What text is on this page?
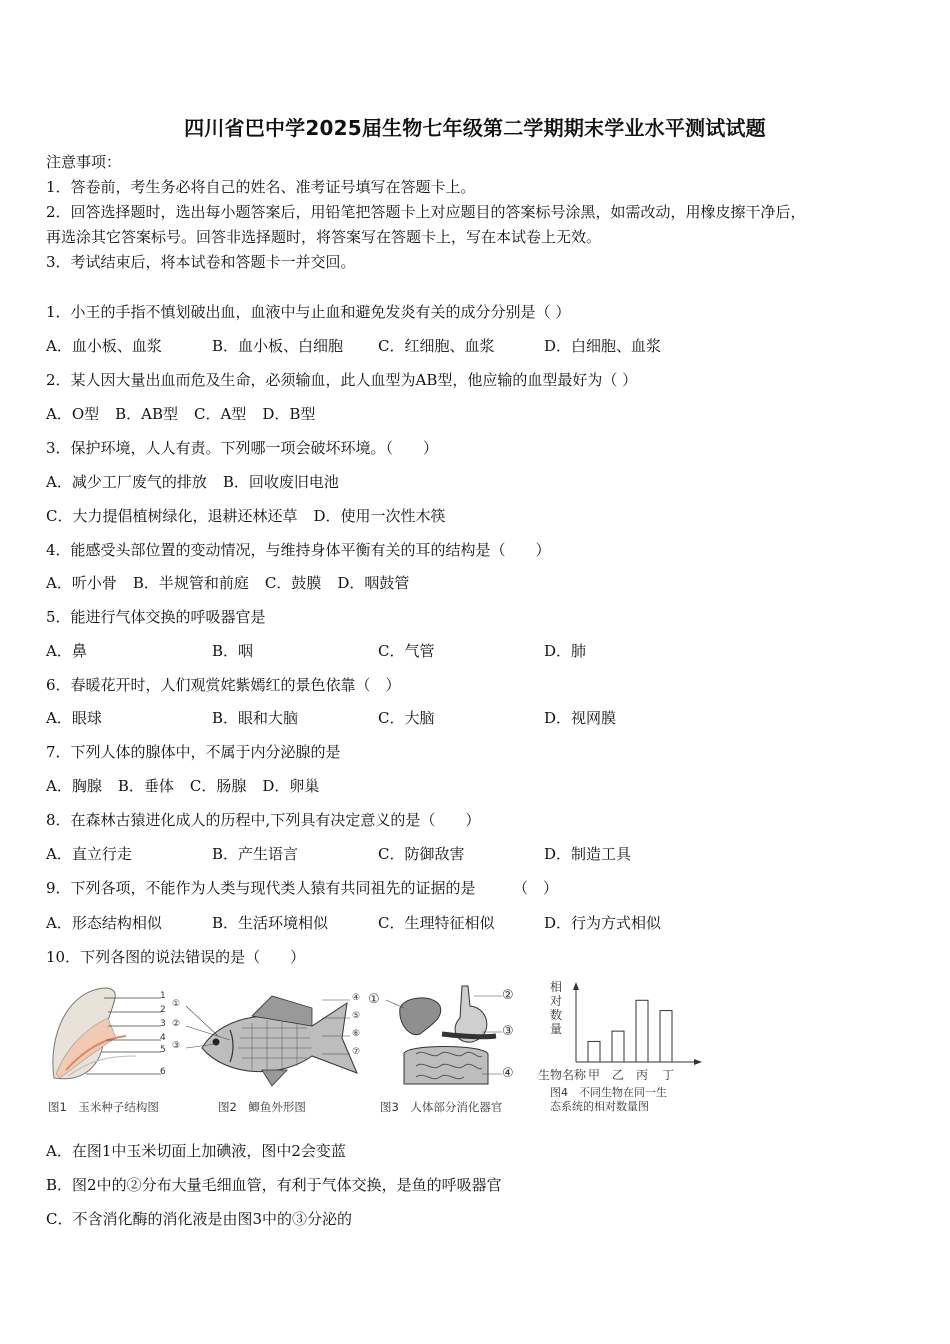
四川省巴中学2025届生物七年级第二学期期末学业水平测试试题
注意事项：
1．答卷前，考生务必将自己的姓名、准考证号填写在答题卡上。
2．回答选择题时，选出每小题答案后，用铅笔把答题卡上对应题目的答案标号涂黑，如需改动，用橡皮擦干净后，
再选涂其它答案标号。回答非选择题时，将答案写在答题卡上，写在本试卷上无效。
3．考试结束后，将本试卷和答题卡一并交回。
1．小王的手指不慎划破出血，血液中与止血和避免发炎有关的成分分别是（ ）
A．血小板、血浆	B．血小板、白细胞 C．红细胞、血浆	D．白细胞、血浆
2．某人因大量出血而危及生命，必须输血，此人血型为AB型，他应输的血型最好为（ ）
A．O型 B．AB型 C．A型 D．B型
3．保护环境，人人有责。下列哪一项会破坏环境。（　　）
A．减少工厂废气的排放 B．回收废旧电池
C．大力提倡植树绿化，退耕还林还草 D．使用一次性木筷
4．能感受头部位置的变动情况，与维持身体平衡有关的耳的结构是（　　）
A．听小骨 B．半规管和前庭 C．鼓膜 D．咽鼓管
5．能进行气体交换的呼吸器官是
A．鼻	B．咽	C．气管	D．肺
6．春暖花开时，人们观赏姹紫嫣红的景色依靠（　）
A．眼球	B．眼和大脑	C．大脑	D．视网膜
7．下列人体的腺体中，不属于内分泌腺的是
A．胸腺 B．垂体 C．肠腺 D．卵巢
8．在森林古猿进化成人的历程中,下列具有决定意义的是（　　）
A．直立行走	B．产生语言	C．防御敌害	D．制造工具
9．下列各项，不能作为人类与现代类人猿有共同祖先的证据的是　　　（　）
A．形态结构相似	B．生活环境相似	C．生理特征相似	D．行为方式相似
10．下列各图的说法错误的是（　　）
1
2
3
4
5
6
图1　玉米种子结构图
①
②
③
④
⑤
⑥
⑦
图2　鲫鱼外形图
①	②
③
④
图3　人体部分消化器官
相
对
数
量
生物名称 甲 乙 丙 丁
图4　不同生物在同一生
态系统的相对数量图
A．在图1中玉米切面上加碘液，图中2会变蓝
B．图2中的②分布大量毛细血管，有利于气体交换，是鱼的呼吸器官
C．不含消化酶的消化液是由图3中的③分泌的
